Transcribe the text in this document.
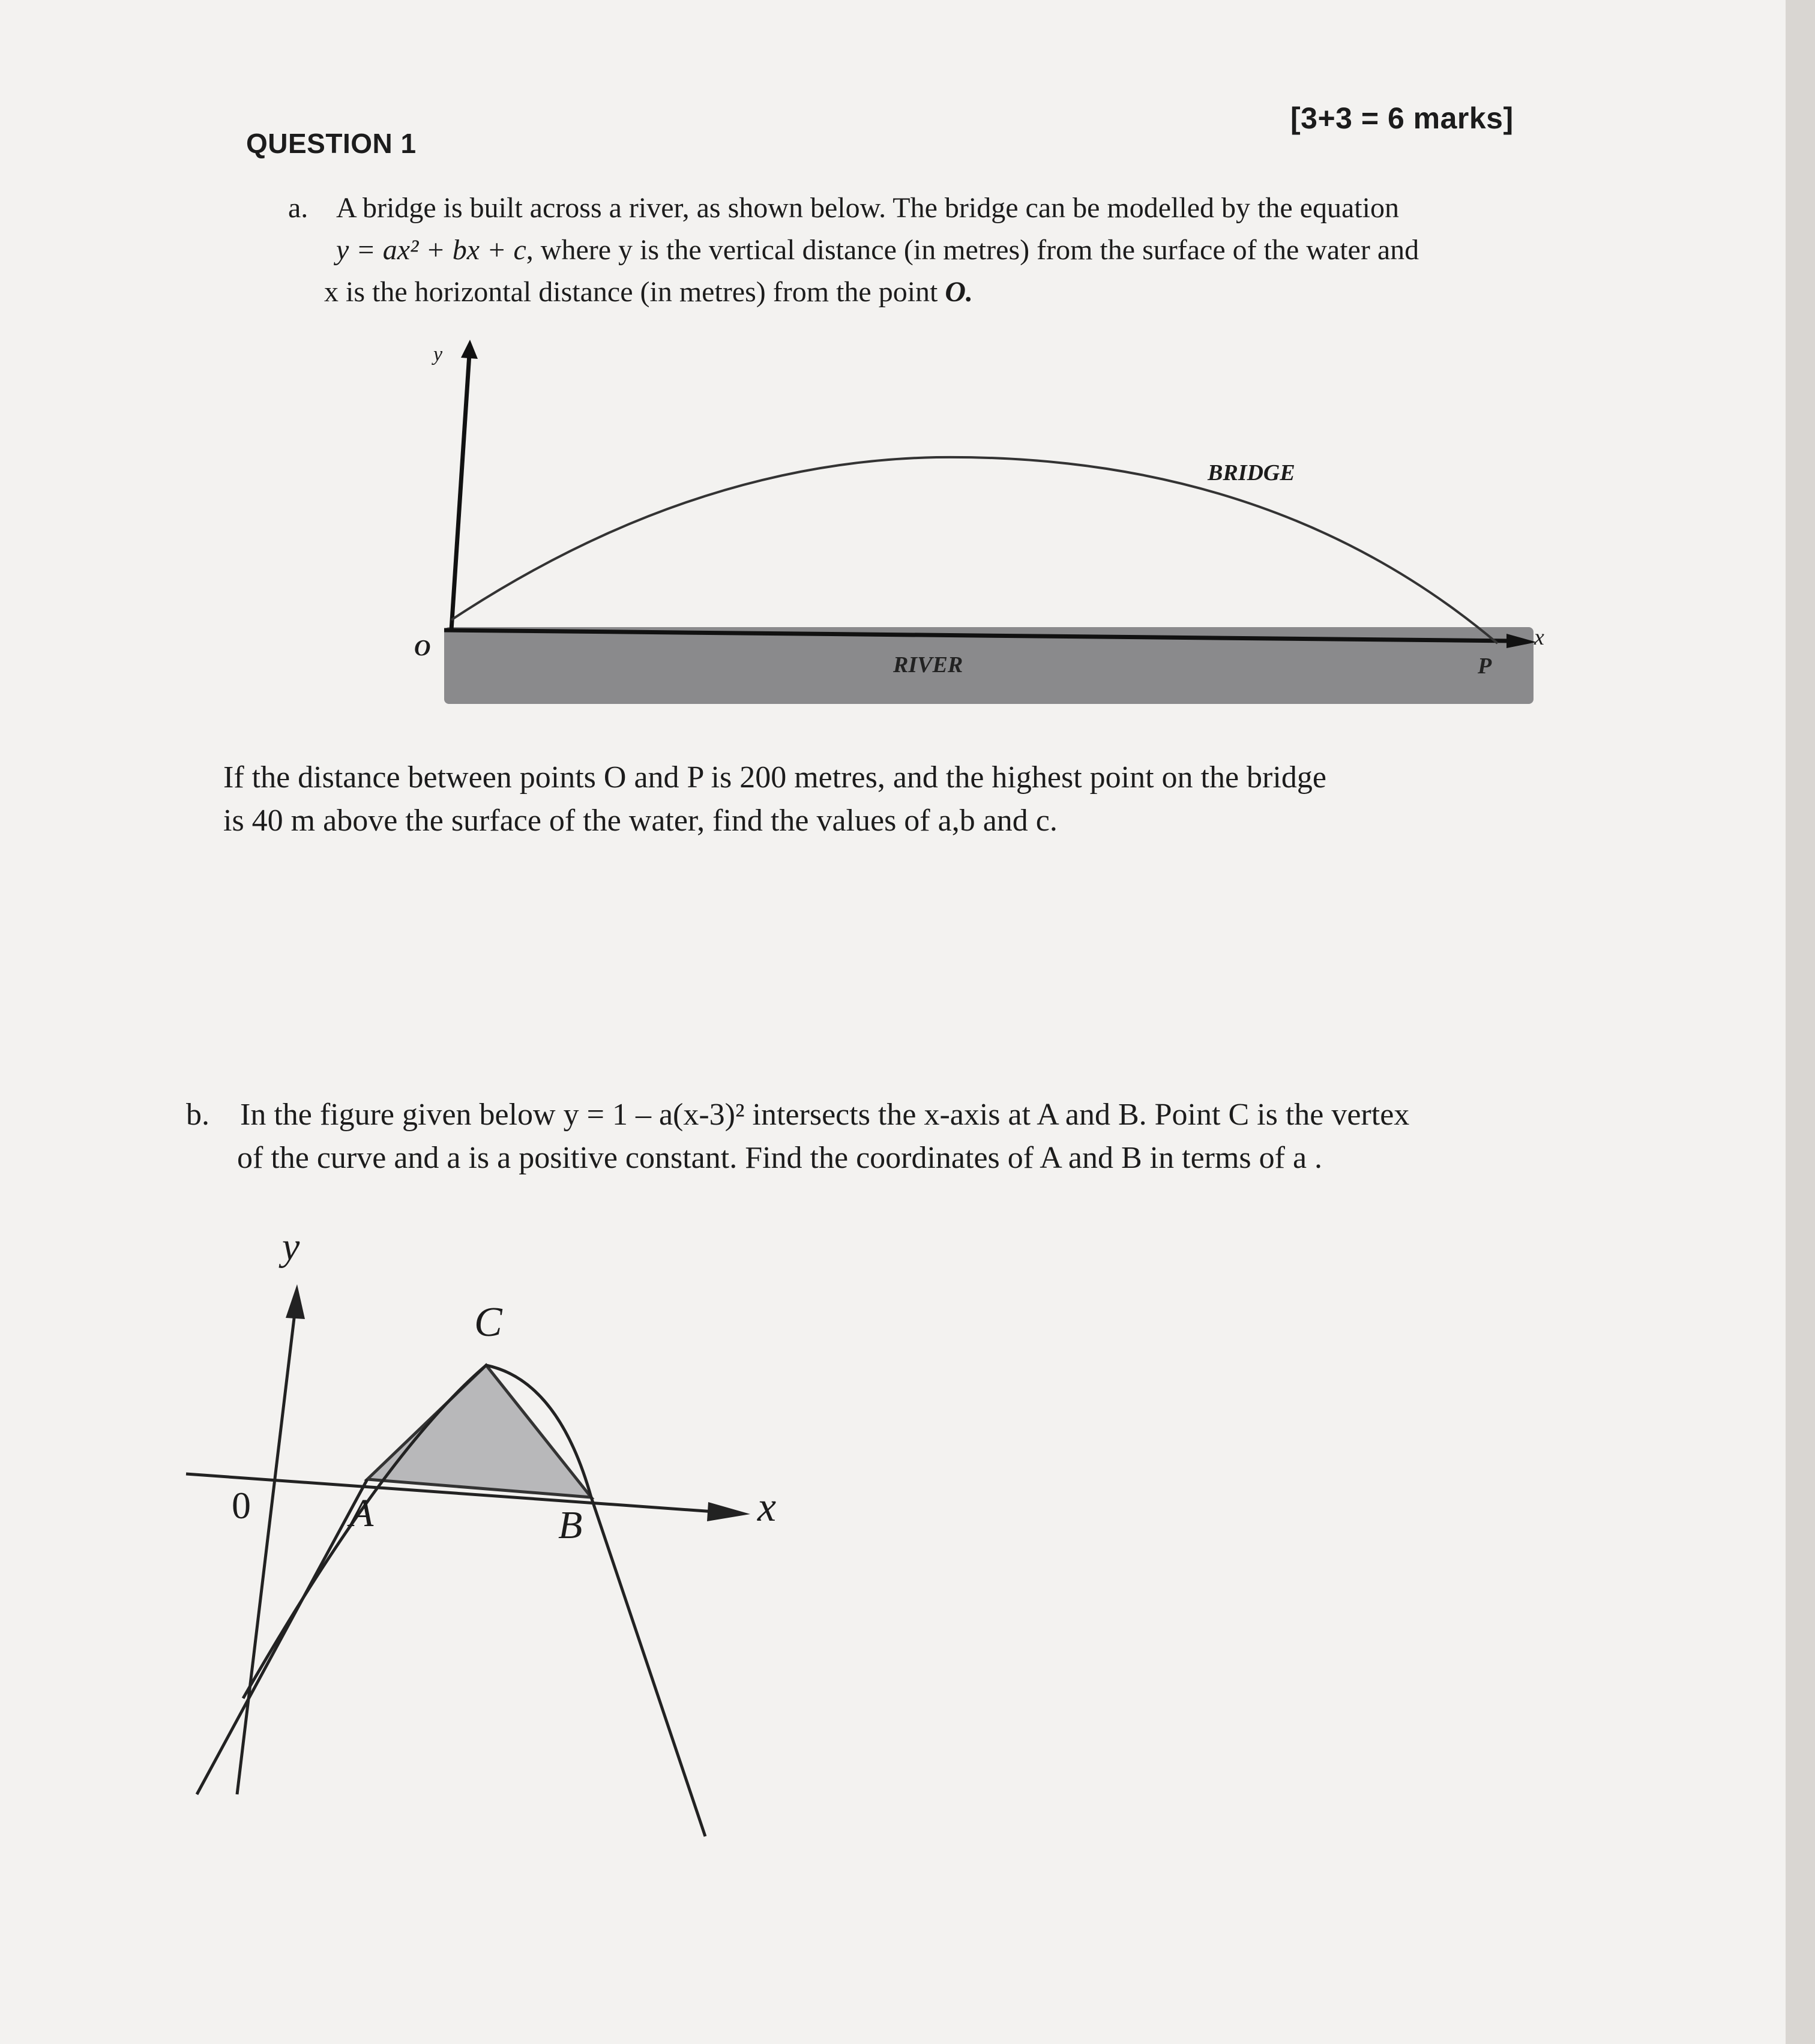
QUESTION 1
[3+3 = 6 marks]
a. A bridge is built across a river, as shown below. The bridge can be modelled by the equation
y = ax² + bx + c, where y is the vertical distance (in metres) from the surface of the water and
x is the horizontal distance (in metres) from the point O.
y
x
O
BRIDGE
RIVER	P
If the distance between points O and P is 200 metres, and the highest point on the bridge
is 40 m above the surface of the water, find the values of a,b and c.
b. In the figure given below y = 1 – a(x-3)² intersects the x-axis at A and B. Point C is the vertex
of the curve and a is a positive constant. Find the coordinates of A and B in terms of a .
y
x
0 A	B
C
